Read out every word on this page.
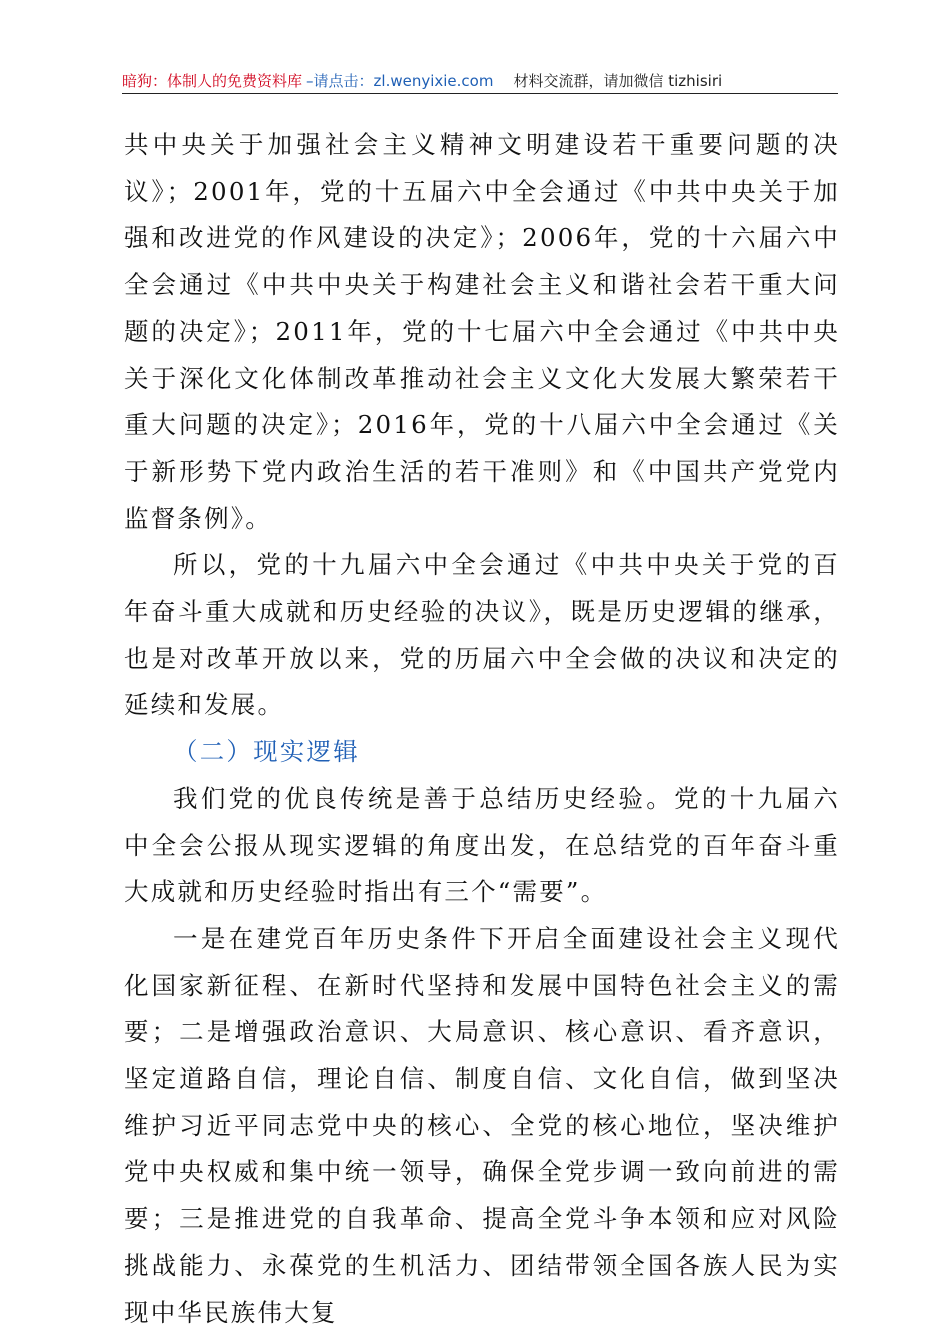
暗狗：体制人的免费资料库 –请点击：zl.wenyixie.com 材料交流群，请加微信 tizhisiri

共中央关于加强社会主义精神文明建设若干重要问题的决议》；2001年，党的十五届六中全会通过《中共中央关于加强和改进党的作风建设的决定》；2006年，党的十六届六中全会通过《中共中央关于构建社会主义和谐社会若干重大问题的决定》；2011年，党的十七届六中全会通过《中共中央关于深化文化体制改革推动社会主义文化大发展大繁荣若干重大问题的决定》；2016年，党的十八届六中全会通过《关于新形势下党内政治生活的若干准则》和《中国共产党党内监督条例》。

所以，党的十九届六中全会通过《中共中央关于党的百年奋斗重大成就和历史经验的决议》，既是历史逻辑的继承，也是对改革开放以来，党的历届六中全会做的决议和决定的延续和发展。

（二）现实逻辑

我们党的优良传统是善于总结历史经验。党的十九届六中全会公报从现实逻辑的角度出发，在总结党的百年奋斗重大成就和历史经验时指出有三个“需要”。

一是在建党百年历史条件下开启全面建设社会主义现代化国家新征程、在新时代坚持和发展中国特色社会主义的需要；二是增强政治意识、大局意识、核心意识、看齐意识，坚定道路自信，理论自信、制度自信、文化自信，做到坚决维护习近平同志党中央的核心、全党的核心地位，坚决维护党中央权威和集中统一领导，确保全党步调一致向前进的需要；三是推进党的自我革命、提高全党斗争本领和应对风险挑战能力、永葆党的生机活力、团结带领全国各族人民为实现中华民族伟大复
